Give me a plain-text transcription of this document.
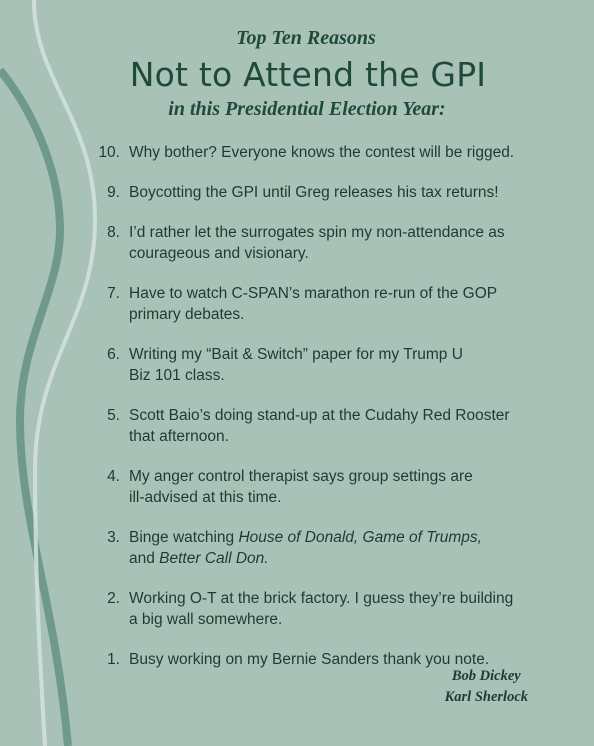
Top Ten Reasons
Not to Attend the GPI
in this Presidential Election Year:
10. Why bother? Everyone knows the contest will be rigged.
9. Boycotting the GPI until Greg releases his tax returns!
8. I’d rather let the surrogates spin my non-attendance as
courageous and visionary.
7. Have to watch C-SPAN’s marathon re-run of the GOP
primary debates.
6. Writing my “Bait & Switch” paper for my Trump U
Biz 101 class.
5. Scott Baio’s doing stand-up at the Cudahy Red Rooster
that afternoon.
4. My anger control therapist says group settings are
ill-advised at this time.
3. Binge watching House of Donald, Game of Trumps,
and Better Call Don.
2. Working O-T at the brick factory. I guess they’re building
a big wall somewhere.
1. Busy working on my Bernie Sanders thank you note.
Bob Dickey
Karl Sherlock
